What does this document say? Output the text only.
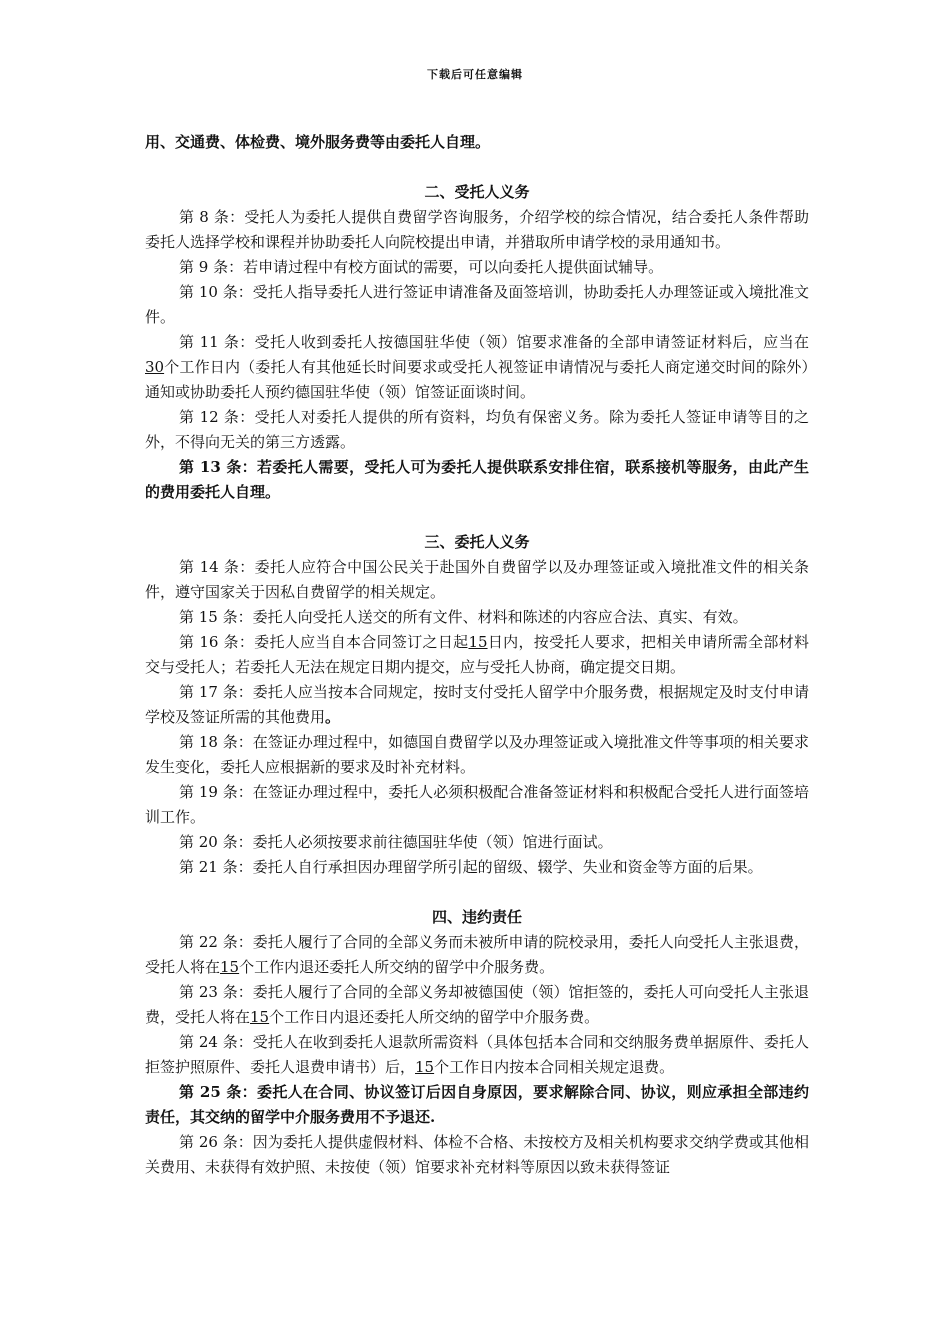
下载后可任意编辑

用、交通费、体检费、境外服务费等由委托人自理。

二、受托人义务

第 8 条：受托人为委托人提供自费留学咨询服务，介绍学校的综合情况，结合委托人条件帮助委托人选择学校和课程并协助委托人向院校提出申请，并猎取所申请学校的录用通知书。

第 9 条：若申请过程中有校方面试的需要，可以向委托人提供面试辅导。

第 10 条：受托人指导委托人进行签证申请准备及面签培训，协助委托人办理签证或入境批准文件。

第 11 条：受托人收到委托人按德国驻华使（领）馆要求准备的全部申请签证材料后，应当在30个工作日内（委托人有其他延长时间要求或受托人视签证申请情况与委托人商定递交时间的除外）通知或协助委托人预约德国驻华使（领）馆签证面谈时间。

第 12 条：受托人对委托人提供的所有资料，均负有保密义务。除为委托人签证申请等目的之外，不得向无关的第三方透露。

第 13 条：若委托人需要，受托人可为委托人提供联系安排住宿，联系接机等服务，由此产生的费用委托人自理。

三、委托人义务

第 14 条：委托人应符合中国公民关于赴国外自费留学以及办理签证或入境批准文件的相关条件，遵守国家关于因私自费留学的相关规定。

第 15 条：委托人向受托人送交的所有文件、材料和陈述的内容应合法、真实、有效。

第 16 条：委托人应当自本合同签订之日起15日内，按受托人要求，把相关申请所需全部材料交与受托人；若委托人无法在规定日期内提交，应与受托人协商，确定提交日期。

第 17 条：委托人应当按本合同规定，按时支付受托人留学中介服务费，根据规定及时支付申请学校及签证所需的其他费用。

第 18 条：在签证办理过程中，如德国自费留学以及办理签证或入境批准文件等事项的相关要求发生变化，委托人应根据新的要求及时补充材料。

第 19 条：在签证办理过程中，委托人必须积极配合准备签证材料和积极配合受托人进行面签培训工作。

第 20 条：委托人必须按要求前往德国驻华使（领）馆进行面试。

第 21 条：委托人自行承担因办理留学所引起的留级、辍学、失业和资金等方面的后果。

四、违约责任

第 22 条：委托人履行了合同的全部义务而未被所申请的院校录用，委托人向受托人主张退费，受托人将在15个工作内退还委托人所交纳的留学中介服务费。

第 23 条：委托人履行了合同的全部义务却被德国使（领）馆拒签的，委托人可向受托人主张退费，受托人将在15个工作日内退还委托人所交纳的留学中介服务费。

第 24 条：受托人在收到委托人退款所需资料（具体包括本合同和交纳服务费单据原件、委托人拒签护照原件、委托人退费申请书）后，15个工作日内按本合同相关规定退费。

第 25 条：委托人在合同、协议签订后因自身原因，要求解除合同、协议，则应承担全部违约责任，其交纳的留学中介服务费用不予退还.

第 26 条：因为委托人提供虚假材料、体检不合格、未按校方及相关机构要求交纳学费或其他相关费用、未获得有效护照、未按使（领）馆要求补充材料等原因以致未获得签证
